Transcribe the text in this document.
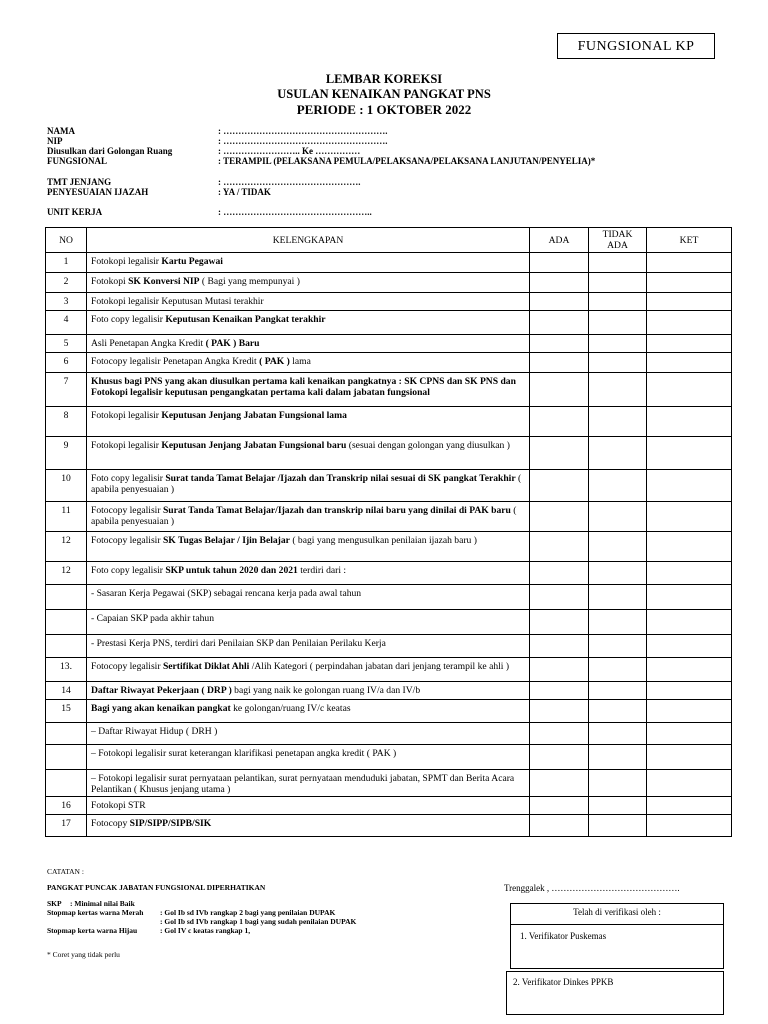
FUNGSIONAL KP
LEMBAR KOREKSI
USULAN KENAIKAN PANGKAT PNS
PERIODE : 1 OKTOBER 2022
NAMA	: ……………………………………………….
NIP	: ……………………………………………….
Diusulkan dari Golongan Ruang	: …………………….. Ke ……………
FUNGSIONAL	: TERAMPIL (PELAKSANA PEMULA/PELAKSANA/PELAKSANA LANJUTAN/PENYELIA)*
TMT JENJANG	: ……………………………………….
PENYESUAIAN IJAZAH	: YA / TIDAK
UNIT KERJA	: …………………………………………..
NO	KELENGKAPAN	ADA	TIDAK ADA	KET
1	Fotokopi legalisir Kartu Pegawai			
2	Fotokopi SK Konversi NIP ( Bagi yang mempunyai )			
3	Fotokopi legalisir Keputusan Mutasi terakhir			
4	Foto copy legalisir Keputusan Kenaikan Pangkat terakhir			
5	Asli Penetapan Angka Kredit ( PAK ) Baru			
6	Fotocopy legalisir Penetapan Angka Kredit ( PAK ) lama			
7	Khusus bagi PNS yang akan diusulkan pertama kali kenaikan pangkatnya : SK CPNS dan SK PNS dan Fotokopi legalisir keputusan pengangkatan pertama kali dalam jabatan fungsional			
8	Fotokopi legalisir Keputusan Jenjang Jabatan Fungsional lama			
9	Fotokopi legalisir Keputusan Jenjang Jabatan Fungsional baru (sesuai dengan golongan yang diusulkan )			
10	Foto copy legalisir Surat tanda Tamat Belajar /Ijazah dan Transkrip nilai sesuai di SK pangkat Terakhir ( apabila penyesuaian )			
11	Fotocopy legalisir Surat Tanda Tamat Belajar/Ijazah dan transkrip nilai baru yang dinilai di PAK baru ( apabila penyesuaian )			
12	Fotocopy legalisir SK Tugas Belajar / Ijin Belajar ( bagi yang mengusulkan penilaian ijazah baru )			
12	Foto copy legalisir SKP untuk tahun 2020 dan 2021 terdiri dari :			
	- Sasaran Kerja Pegawai (SKP) sebagai rencana kerja pada awal tahun			
	- Capaian SKP pada akhir tahun			
	- Prestasi Kerja PNS, terdiri dari Penilaian SKP dan Penilaian Perilaku Kerja			
13.	Fotocopy legalisir Sertifikat Diklat Ahli /Alih Kategori ( perpindahan jabatan dari jenjang terampil ke ahli )			
14	Daftar Riwayat Pekerjaan ( DRP ) bagi yang naik ke golongan ruang IV/a dan IV/b			
15	Bagi yang akan kenaikan pangkat ke golongan/ruang IV/c keatas			
	– Daftar Riwayat Hidup ( DRH )			
	– Fotokopi legalisir surat keterangan klarifikasi penetapan angka kredit ( PAK )			
	– Fotokopi legalisir surat pernyataan pelantikan, surat pernyataan menduduki jabatan, SPMT dan Berita Acara Pelantikan ( Khusus jenjang utama )			
16	Fotokopi STR			
17	Fotocopy SIP/SIPP/SIPB/SIK			
CATATAN :
PANGKAT PUNCAK JABATAN FUNGSIONAL DIPERHATIKAN
SKP : Minimal nilai Baik
Stopmap kertas warna Merah : Gol Ib sd IVb rangkap 2 bagi yang penilaian DUPAK
: Gol Ib sd IVb rangkap 1 bagi yang sudah penilaian DUPAK
Stopmap kerta warna Hijau	: Gol IV c keatas rangkap 1,
* Coret yang tidak perlu
Trenggalek , …………………………………….
Telah di verifikasi oleh :
1. Verifikator Puskemas
2. Verifikator Dinkes PPKB
